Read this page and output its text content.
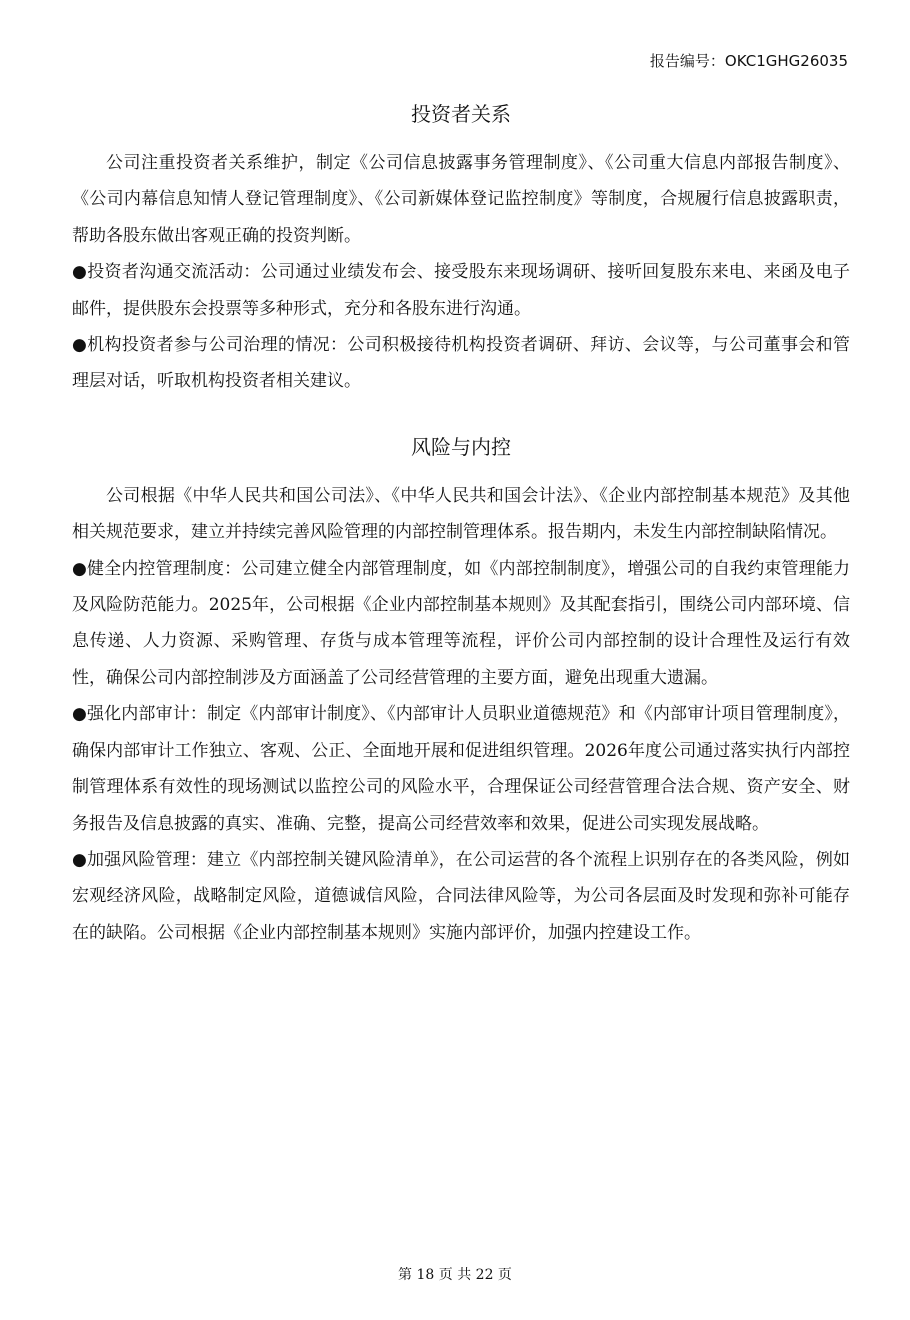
报告编号：OKC1GHG26035
投资者关系

公司注重投资者关系维护，制定《公司信息披露事务管理制度》、《公司重大信息内部报告制度》、《公司内幕信息知情人登记管理制度》、《公司新媒体登记监控制度》等制度，合规履行信息披露职责，帮助各股东做出客观正确的投资判断。

● 投资者沟通交流活动：公司通过业绩发布会、接受股东来现场调研、接听回复股东来电、来函及电子邮件，提供股东会投票等多种形式，充分和各股东进行沟通。

● 机构投资者参与公司治理的情况：公司积极接待机构投资者调研、拜访、会议等，与公司董事会和管理层对话，听取机构投资者相关建议。

风险与内控

公司根据《中华人民共和国公司法》、《中华人民共和国会计法》、《企业内部控制基本规范》及其他相关规范要求，建立并持续完善风险管理的内部控制管理体系。报告期内，未发生内部控制缺陷情况。

● 健全内控管理制度：公司建立健全内部管理制度，如《内部控制制度》，增强公司的自我约束管理能力及风险防范能力。2025年，公司根据《企业内部控制基本规则》及其配套指引，围绕公司内部环境、信息传递、人力资源、采购管理、存货与成本管理等流程，评价公司内部控制的设计合理性及运行有效性，确保公司内部控制涉及方面涵盖了公司经营管理的主要方面，避免出现重大遗漏。

● 强化内部审计：制定《内部审计制度》、《内部审计人员职业道德规范》和《内部审计项目管理制度》，确保内部审计工作独立、客观、公正、全面地开展和促进组织管理。2026年度公司通过落实执行内部控制管理体系有效性的现场测试以监控公司的风险水平，合理保证公司经营管理合法合规、资产安全、财务报告及信息披露的真实、准确、完整，提高公司经营效率和效果，促进公司实现发展战略。

● 加强风险管理：建立《内部控制关键风险清单》，在公司运营的各个流程上识别存在的各类风险，例如宏观经济风险，战略制定风险，道德诚信风险，合同法律风险等，为公司各层面及时发现和弥补可能存在的缺陷。公司根据《企业内部控制基本规则》实施内部评价，加强内控建设工作。

第 18 页 共 22 页
